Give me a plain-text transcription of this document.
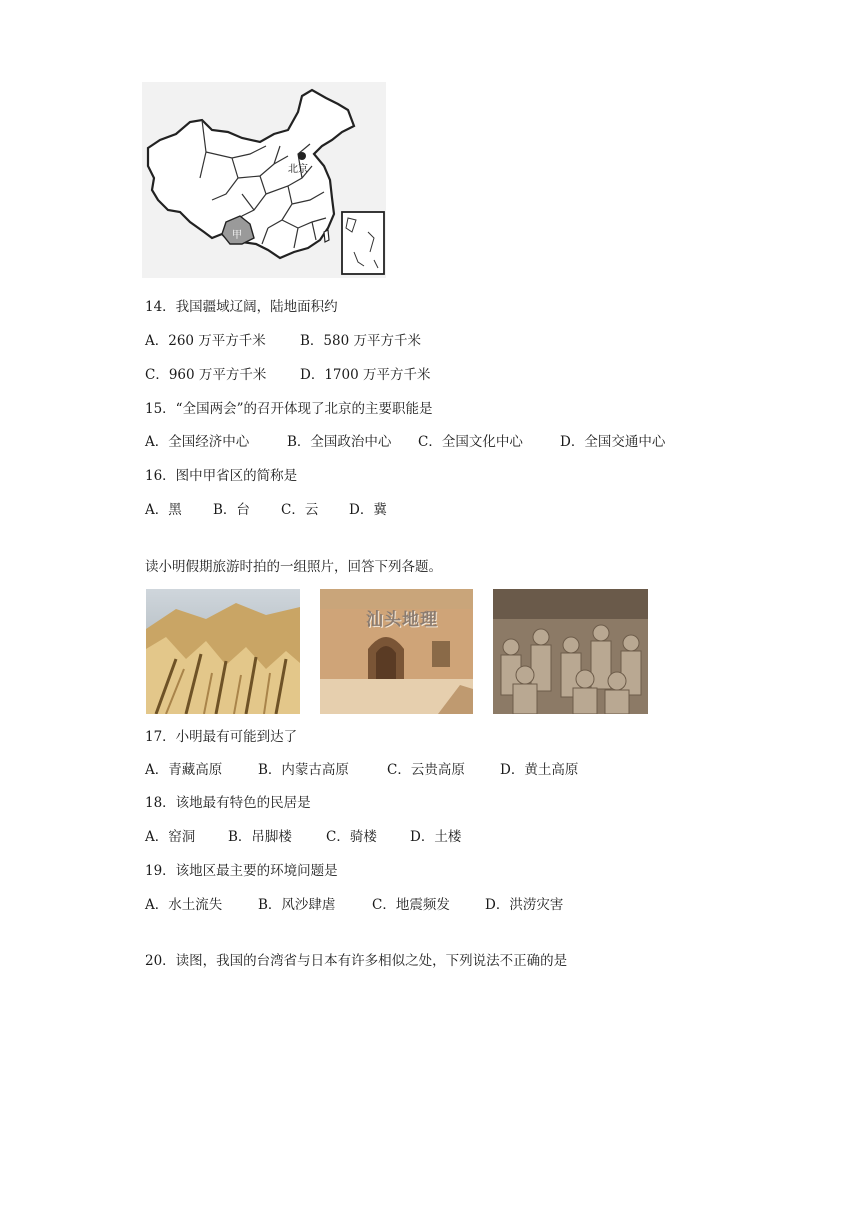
北京
甲
14．我国疆域辽阔，陆地面积约
A．260 万平方千米	B．580 万平方千米
C．960 万平方千米 D．1700 万平方千米
15．“全国两会”的召开体现了北京的主要职能是
A．全国经济中心	B．全国政治中心 C．全国文化中心	D．全国交通中心
16．图中甲省区的简称是
A．黑 B．台 C．云 D．冀
读小明假期旅游时拍的一组照片，回答下列各题。
汕头地理
17．小明最有可能到达了
A．青藏高原	B．内蒙古高原	C．云贵高原	D．黄土高原
18．该地最有特色的民居是
A．窑洞 B．吊脚楼	C．骑楼 D．土楼
19．该地区最主要的环境问题是
A．水土流失	B．风沙肆虐	C．地震频发	D．洪涝灾害
20．读图，我国的台湾省与日本有许多相似之处，下列说法不正确的是
